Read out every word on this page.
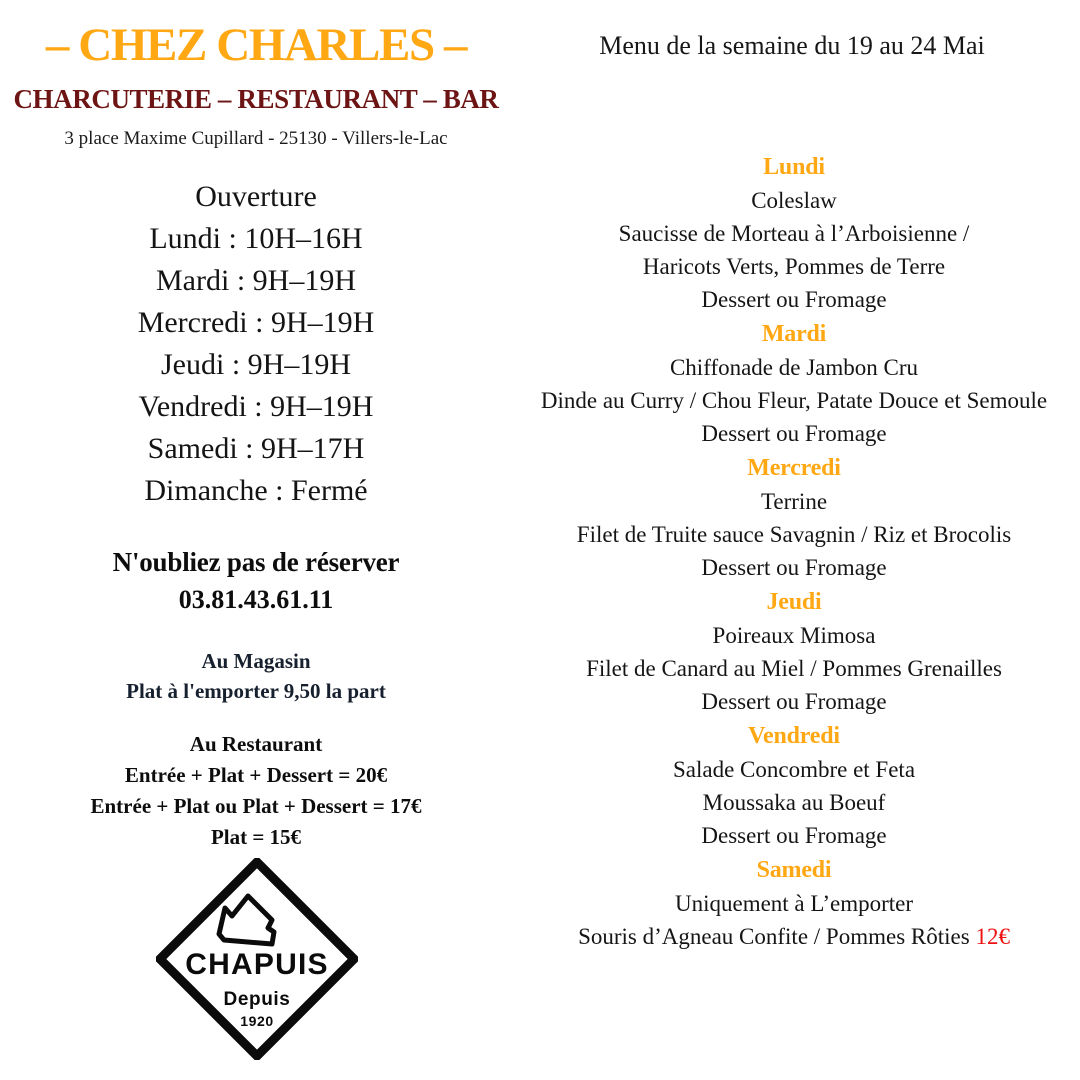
– CHEZ CHARLES –
CHARCUTERIE – RESTAURANT – BAR
3 place Maxime Cupillard - 25130 - Villers-le-Lac
Ouverture
Lundi : 10H–16H
Mardi : 9H–19H
Mercredi : 9H–19H
Jeudi : 9H–19H
Vendredi : 9H–19H
Samedi : 9H–17H
Dimanche : Fermé
N'oubliez pas de réserver
03.81.43.61.11
Au Magasin
Plat à l'emporter 9,50 la part
Au Restaurant
Entrée + Plat + Dessert = 20€
Entrée + Plat ou Plat + Dessert = 17€
Plat = 15€
CHAPUIS
Depuis
1920
Menu de la semaine du 19 au 24 Mai
Lundi
Coleslaw
Saucisse de Morteau à l’Arboisienne /
Haricots Verts, Pommes de Terre
Dessert ou Fromage
Mardi
Chiffonade de Jambon Cru
Dinde au Curry / Chou Fleur, Patate Douce et Semoule
Dessert ou Fromage
Mercredi
Terrine
Filet de Truite sauce Savagnin / Riz et Brocolis
Dessert ou Fromage
Jeudi
Poireaux Mimosa
Filet de Canard au Miel / Pommes Grenailles
Dessert ou Fromage
Vendredi
Salade Concombre et Feta
Moussaka au Boeuf
Dessert ou Fromage
Samedi
Uniquement à L’emporter
Souris d’Agneau Confite / Pommes Rôties 12€
